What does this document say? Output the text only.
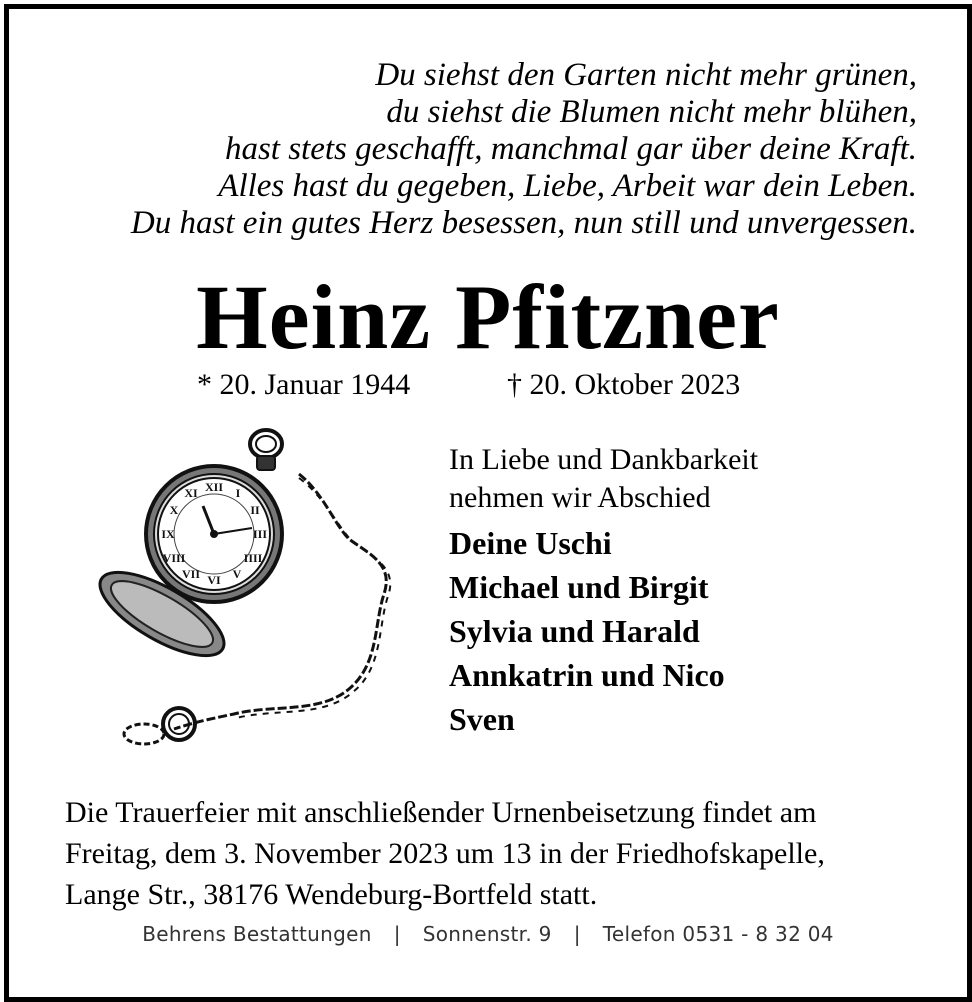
Du siehst den Garten nicht mehr grünen,
du siehst die Blumen nicht mehr blühen,
hast stets geschafft, manchmal gar über deine Kraft.
Alles hast du gegeben, Liebe, Arbeit war dein Leben.
Du hast ein gutes Herz besessen, nun still und unvergessen.
Heinz Pfitzner
* 20. Januar 1944	† 20. Oktober 2023
XII I
II
III
IIII
V
VI
VII
VIII
IX
X
XI
In Liebe und Dankbarkeit
nehmen wir Abschied
Deine Uschi
Michael und Birgit
Sylvia und Harald
Annkatrin und Nico
Sven
Die Trauerfeier mit anschließender Urnenbeisetzung findet am
Freitag, dem 3. November 2023 um 13 in der Friedhofskapelle,
Lange Str., 38176 Wendeburg-Bortfeld statt.
Behrens Bestattungen | Sonnenstr. 9 | Telefon 0531 - 8 32 04
